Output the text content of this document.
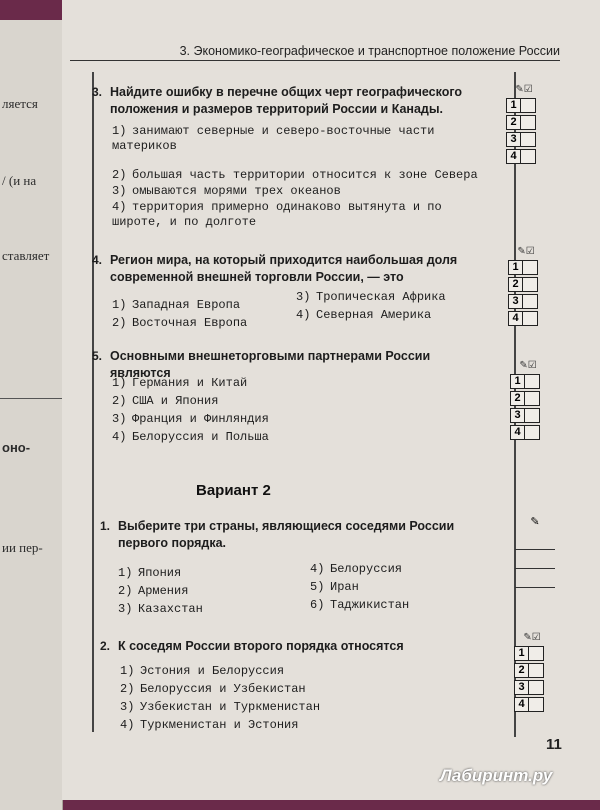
ляется
/ (и на
ставляет
оно-
ии пер-
3. Экономико-географическое и транспортное положение России
3. Найдите ошибку в перечне общих черт географического положения и размеров территорий России и Канады.
1) занимают северные и северо-восточные части материков
2) большая часть территории относится к зоне Севера
3) омываются морями трех океанов
4) территория примерно одинаково вытянута и по широте, и по долготе
4. Регион мира, на который приходится наибольшая доля современной внешней торговли России, — это
1) Западная Европа
2) Восточная Европа
3) Тропическая Африка
4) Северная Америка
5. Основными внешнеторговыми партнерами России являются
1) Германия и Китай
2) США и Япония
3) Франция и Финляндия
4) Белоруссия и Польша
Вариант 2
1. Выберите три страны, являющиеся соседями России первого порядка.
1) Япония
2) Армения
3) Казахстан
4) Белоруссия
5) Иран
6) Таджикистан
2. К соседям России второго порядка относятся
1) Эстония и Белоруссия
2) Белоруссия и Узбекистан
3) Узбекистан и Туркменистан
4) Туркменистан и Эстония
✎☑
1
2
3
4
✎☑
1
2
3
4
✎☑
1
2
3
4
✎
✎☑
1
2
3
4
11
Лабиринт.ру
